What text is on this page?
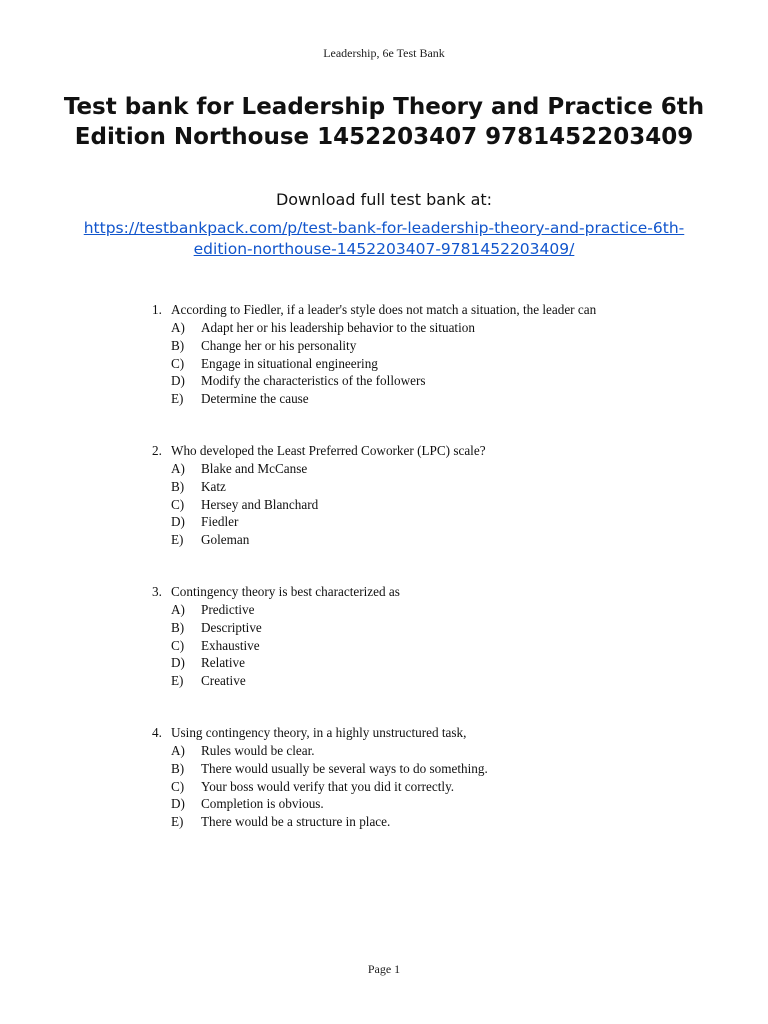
Leadership, 6e Test Bank
Test bank for Leadership Theory and Practice 6th Edition Northouse 1452203407 9781452203409
Download full test bank at:
https://testbankpack.com/p/test-bank-for-leadership-theory-and-practice-6th-edition-northouse-1452203407-9781452203409/
1. According to Fiedler, if a leader's style does not match a situation, the leader can
A)	Adapt her or his leadership behavior to the situation
B)	Change her or his personality
C)	Engage in situational engineering
D)	Modify the characteristics of the followers
E)	Determine the cause
2. Who developed the Least Preferred Coworker (LPC) scale?
A)	Blake and McCanse
B)	Katz
C)	Hersey and Blanchard
D)	Fiedler
E)	Goleman
3. Contingency theory is best characterized as
A)	Predictive
B)	Descriptive
C)	Exhaustive
D)	Relative
E)	Creative
4. Using contingency theory, in a highly unstructured task,
A)	Rules would be clear.
B)	There would usually be several ways to do something.
C)	Your boss would verify that you did it correctly.
D)	Completion is obvious.
E)	There would be a structure in place.
Page 1
